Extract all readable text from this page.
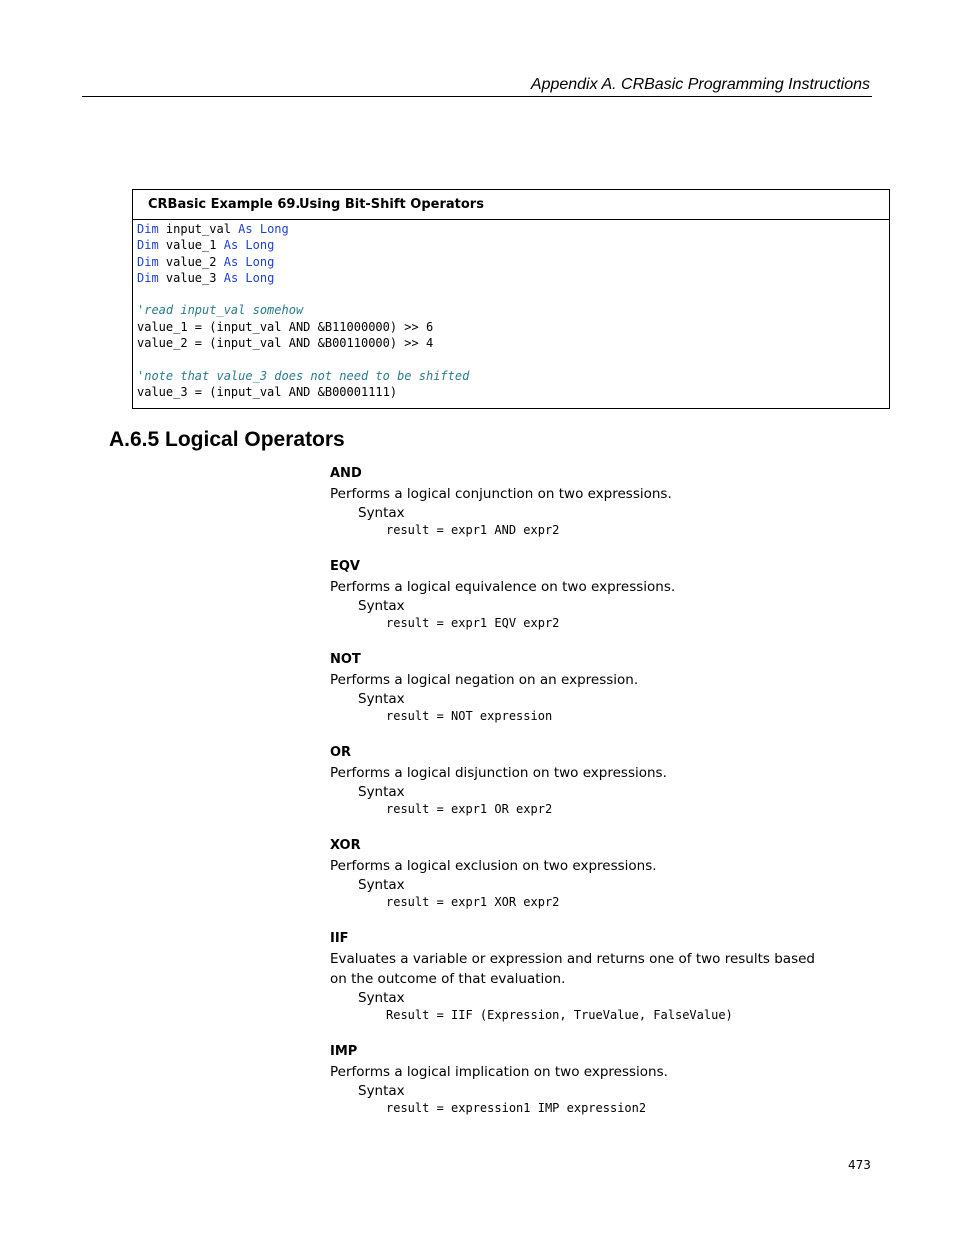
Appendix A. CRBasic Programming Instructions
CRBasic Example 69.
Using Bit-Shift Operators
Dim input_val As Long
Dim value_1 As Long
Dim value_2 As Long
Dim value_3 As Long
'read input_val somehow
value_1 = (input_val AND &B11000000) >> 6
value_2 = (input_val AND &B00110000) >> 4
'note that value_3 does not need to be shifted
value_3 = (input_val AND &B00001111)
A.6.5 Logical Operators
AND
Performs a logical conjunction on two expressions.
Syntax
result = expr1 AND expr2
EQV
Performs a logical equivalence on two expressions.
Syntax
result = expr1 EQV expr2
NOT
Performs a logical negation on an expression.
Syntax
result = NOT expression
OR
Performs a logical disjunction on two expressions.
Syntax
result = expr1 OR expr2
XOR
Performs a logical exclusion on two expressions.
Syntax
result = expr1 XOR expr2
IIF
Evaluates a variable or expression and returns one of two results based on the outcome of that evaluation.
Syntax
Result = IIF (Expression, TrueValue, FalseValue)
IMP
Performs a logical implication on two expressions.
Syntax
result = expression1 IMP expression2
473
